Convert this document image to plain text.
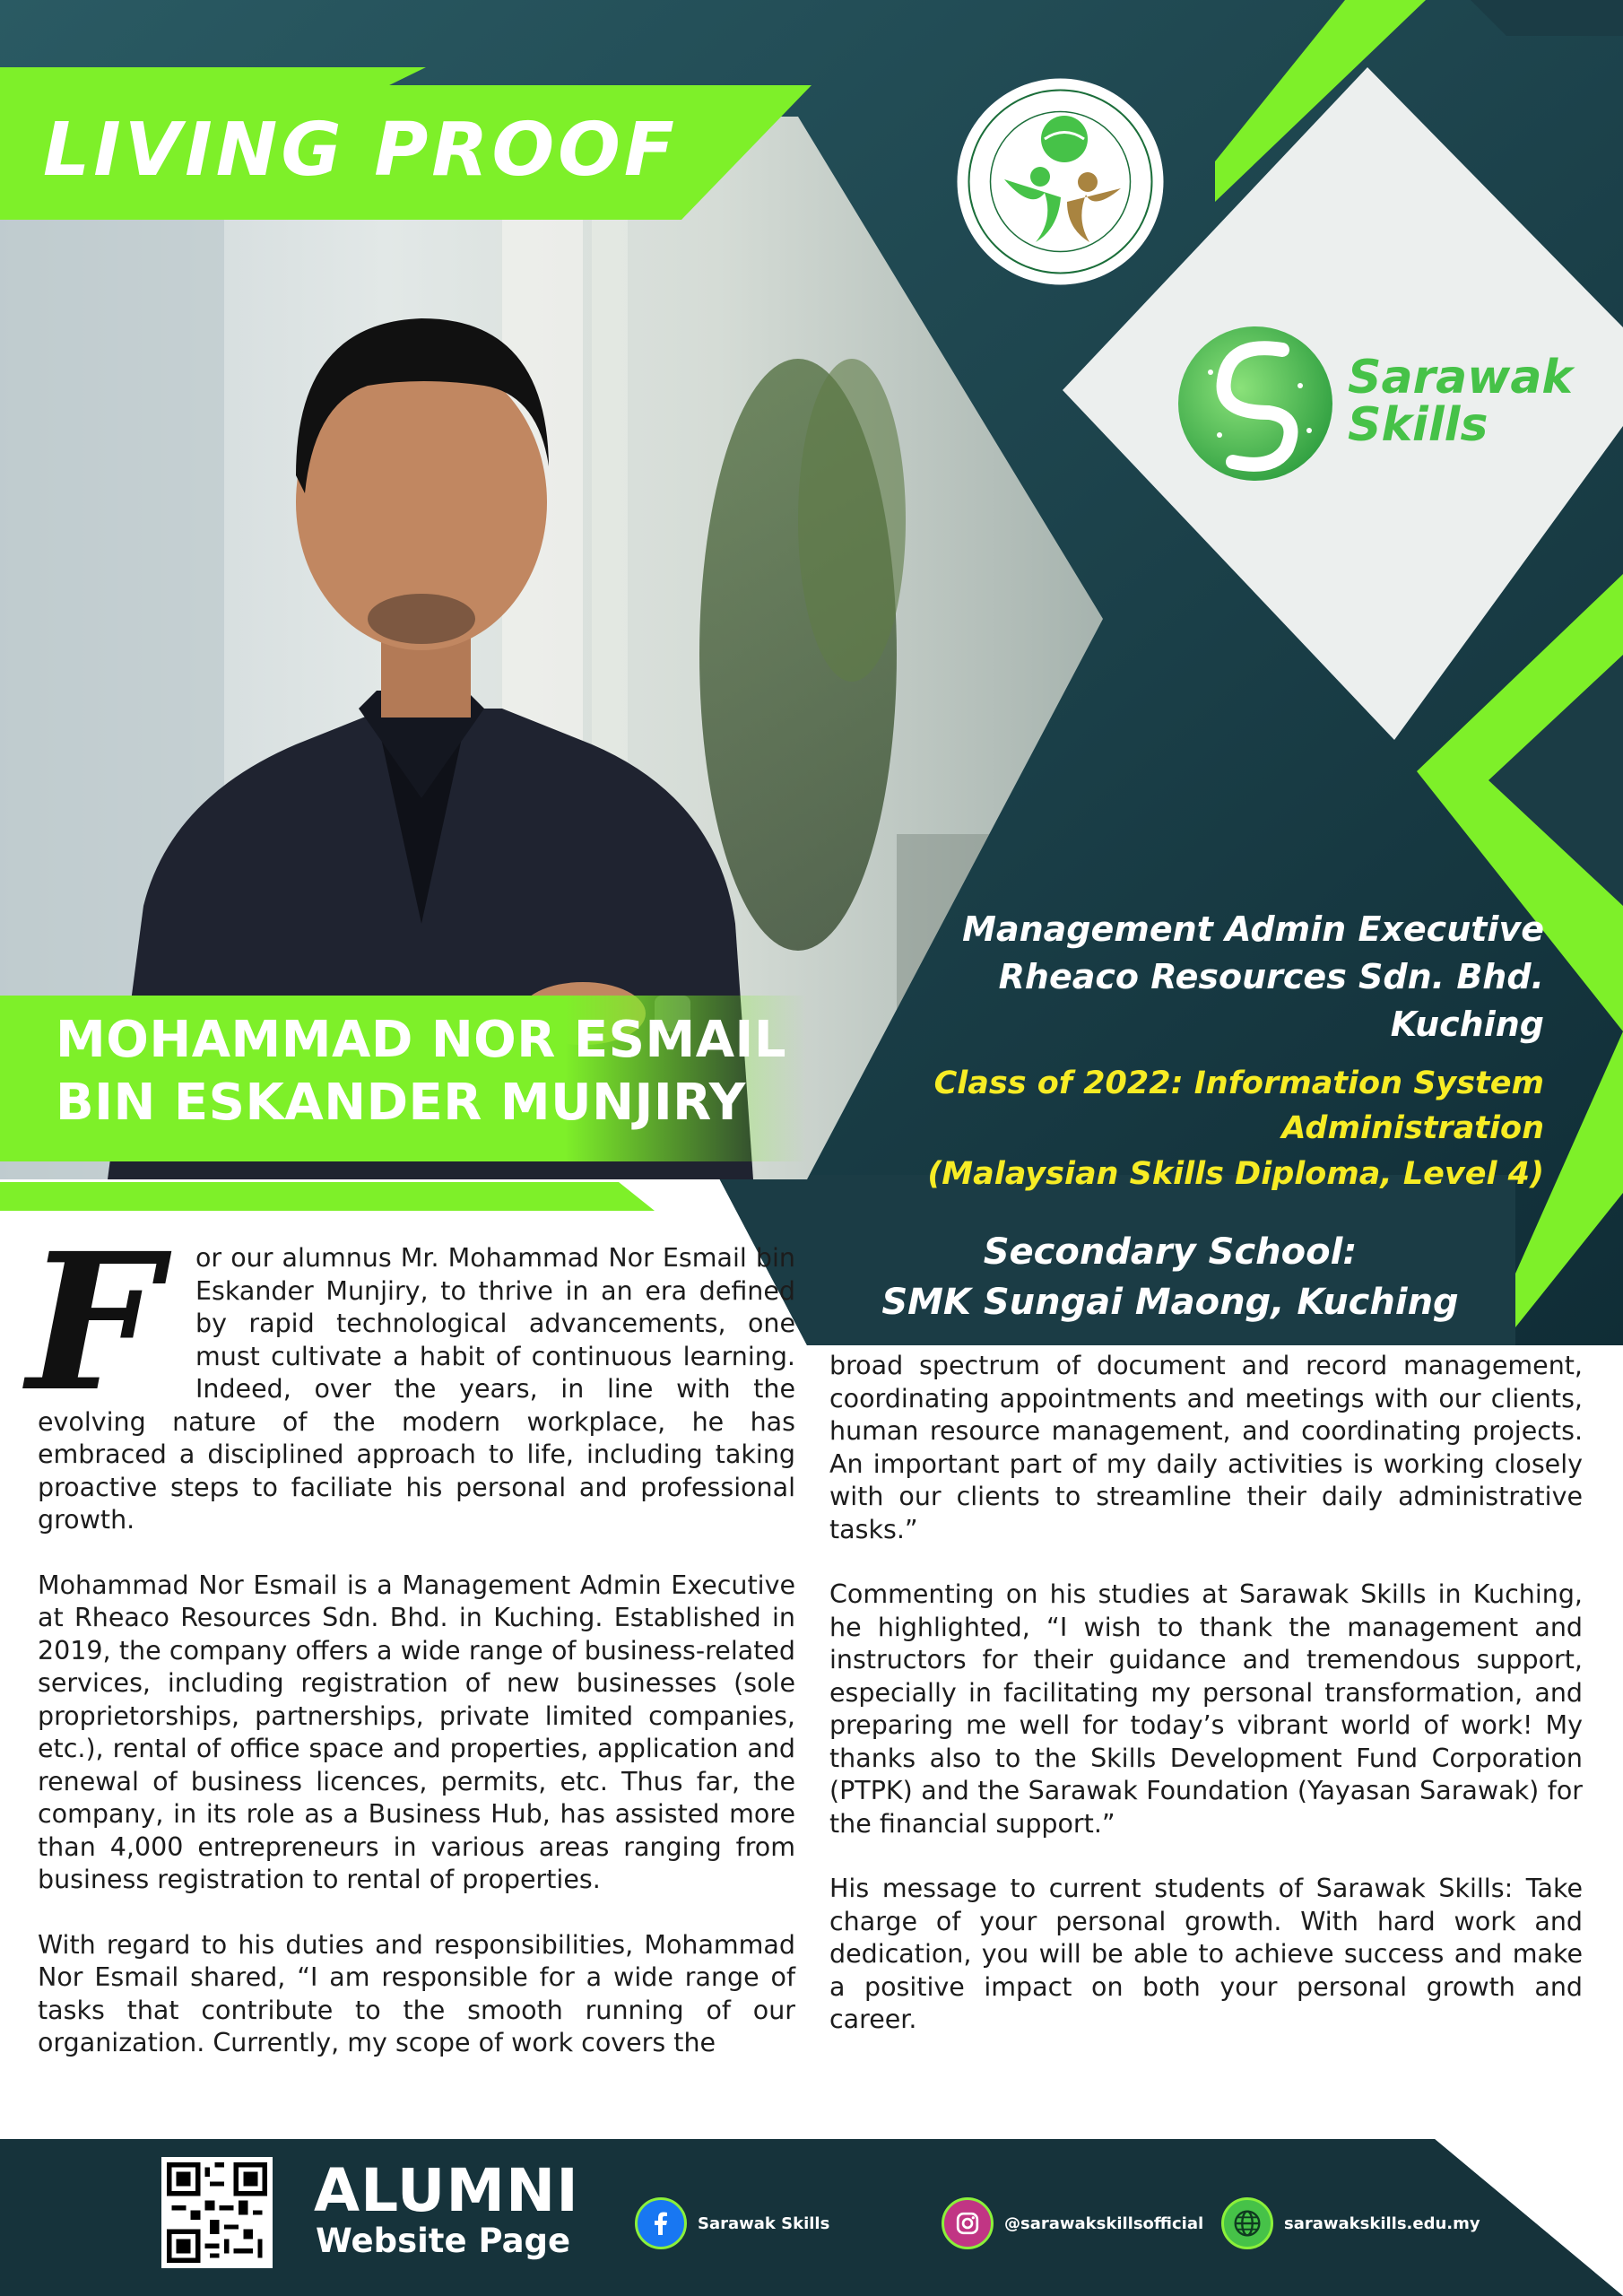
LIVING PROOF
Sarawak
Skills
MOHAMMAD NOR ESMAIL
BIN ESKANDER MUNJIRY
Management Admin Executive
Rheaco Resources Sdn. Bhd.
Kuching
Class of 2022: Information System
Administration
(Malaysian Skills Diploma, Level 4)
Secondary School:
SMK Sungai Maong, Kuching
F	or our alumnus Mr. Mohammad Nor Esmail bin Eskander Munjiry, to thrive in an era defined by rapid technological advancements, one must cultivate a habit of continuous learning. Indeed, over the years, in line with the evolving nature of the modern workplace, he has embraced a disciplined approach to life, including taking proactive steps to faciliate his personal and professional growth.
Mohammad Nor Esmail is a Management Admin Executive at Rheaco Resources Sdn. Bhd. in Kuching. Established in 2019, the company offers a wide range of business-related services, including registration of new businesses (sole proprietorships, partnerships, private limited companies, etc.), rental of office space and properties, application and renewal of business licences, permits, etc. Thus far, the company, in its role as a Business Hub, has assisted more than 4,000 entrepreneurs in various areas ranging from business registration to rental of properties.
With regard to his duties and responsibilities, Mohammad Nor Esmail shared, “I am responsible for a wide range of tasks that contribute to the smooth running of our organization. Currently, my scope of work covers the
broad spectrum of document and record management, coordinating appointments and meetings with our clients, human resource management, and coordinating projects. An important part of my daily activities is working closely with our clients to streamline their daily administrative tasks.”
Commenting on his studies at Sarawak Skills in Kuching, he highlighted, “I wish to thank the management and instructors for their guidance and tremendous support, especially in facilitating my personal transformation, and preparing me well for today’s vibrant world of work! My thanks also to the Skills Development Fund Corporation (PTPK) and the Sarawak Foundation (Yayasan Sarawak) for the financial support.”
His message to current students of Sarawak Skills: Take charge of your personal growth. With hard work and dedication, you will be able to achieve success and make a positive impact on both your personal growth and career.
ALUMNI
Website Page	Sarawak Skills	@sarawakskillsofficial	sarawakskills.edu.my
